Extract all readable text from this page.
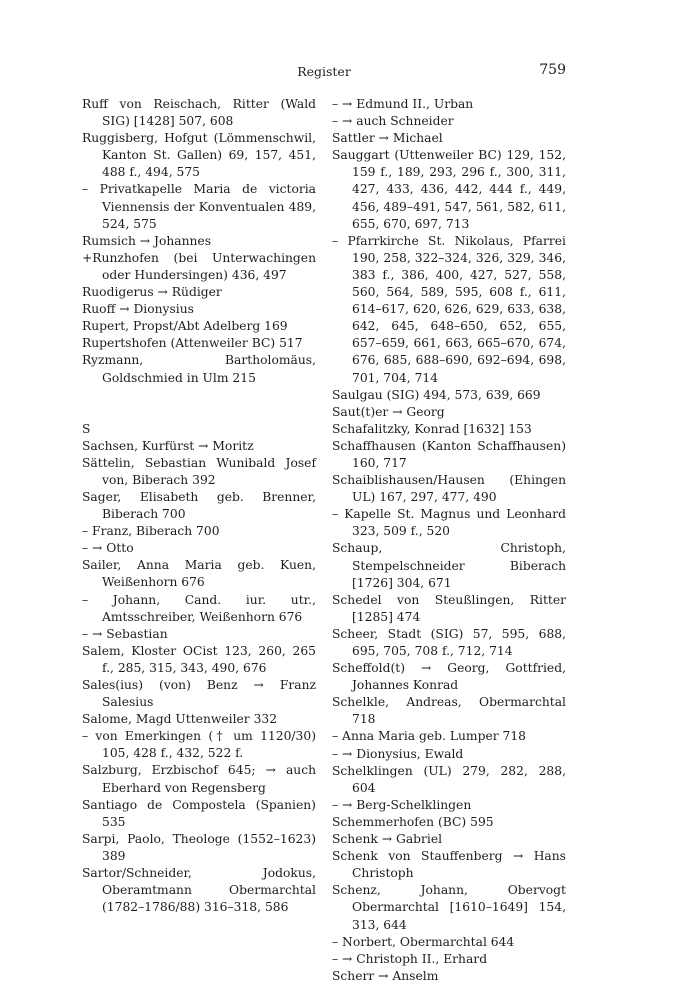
Register	759
Ruff von Reischach, Ritter (Wald SIG) [1428] 507, 608
Ruggisberg, Hofgut (Lömmenschwil, Kanton St. Gallen) 69, 157, 451, 488 f., 494, 575
– Privatkapelle Maria de victoria Viennensis der Konventualen 489, 524, 575
Rumsich → Johannes
+Runzhofen (bei Unterwachingen oder Hundersingen) 436, 497
Ruodigerus → Rüdiger
Ruoff → Dionysius
Rupert, Propst/Abt Adelberg 169
Rupertshofen (Attenweiler BC) 517
Ryzmann, Bartholomäus, Goldschmied in Ulm 215
S
Sachsen, Kurfürst → Moritz
Sättelin, Sebastian Wunibald Josef von, Biberach 392
Sager, Elisabeth geb. Brenner, Biberach 700
– Franz, Biberach 700
– → Otto
Sailer, Anna Maria geb. Kuen, Weißenhorn 676
– Johann, Cand. iur. utr., Amtsschreiber, Weißenhorn 676
– → Sebastian
Salem, Kloster OCist 123, 260, 265 f., 285, 315, 343, 490, 676
Sales(ius) (von) Benz → Franz Salesius
Salome, Magd Uttenweiler 332
– von Emerkingen († um 1120/30) 105, 428 f., 432, 522 f.
Salzburg, Erzbischof 645; → auch Eberhard von Regensberg
Santiago de Compostela (Spanien) 535
Sarpi, Paolo, Theologe (1552–1623) 389
Sartor/Schneider, Jodokus, Oberamtmann Obermarchtal (1782–1786/88) 316–318, 586
– → Edmund II., Urban
– → auch Schneider
Sattler → Michael
Sauggart (Uttenweiler BC) 129, 152, 159 f., 189, 293, 296 f., 300, 311, 427, 433, 436, 442, 444 f., 449, 456, 489–491, 547, 561, 582, 611, 655, 670, 697, 713
– Pfarrkirche St. Nikolaus, Pfarrei 190, 258, 322–324, 326, 329, 346, 383 f., 386, 400, 427, 527, 558, 560, 564, 589, 595, 608 f., 611, 614–617, 620, 626, 629, 633, 638, 642, 645, 648–650, 652, 655, 657–659, 661, 663, 665–670, 674, 676, 685, 688–690, 692–694, 698, 701, 704, 714
Saulgau (SIG) 494, 573, 639, 669
Saut(t)er → Georg
Schafalitzky, Konrad [1632] 153
Schaffhausen (Kanton Schaffhausen) 160, 717
Schaiblishausen/Hausen (Ehingen UL) 167, 297, 477, 490
– Kapelle St. Magnus und Leonhard 323, 509 f., 520
Schaup, Christoph, Stempelschneider Biberach [1726] 304, 671
Schedel von Steußlingen, Ritter [1285] 474
Scheer, Stadt (SIG) 57, 595, 688, 695, 705, 708 f., 712, 714
Scheffold(t) → Georg, Gottfried, Johannes Konrad
Schelkle, Andreas, Obermarchtal 718
– Anna Maria geb. Lumper 718
– → Dionysius, Ewald
Schelklingen (UL) 279, 282, 288, 604
– → Berg-Schelklingen
Schemmerhofen (BC) 595
Schenk → Gabriel
Schenk von Stauffenberg → Hans Christoph
Schenz, Johann, Obervogt Obermarchtal [1610–1649] 154, 313, 644
– Norbert, Obermarchtal 644
– → Christoph II., Erhard
Scherr → Anselm
